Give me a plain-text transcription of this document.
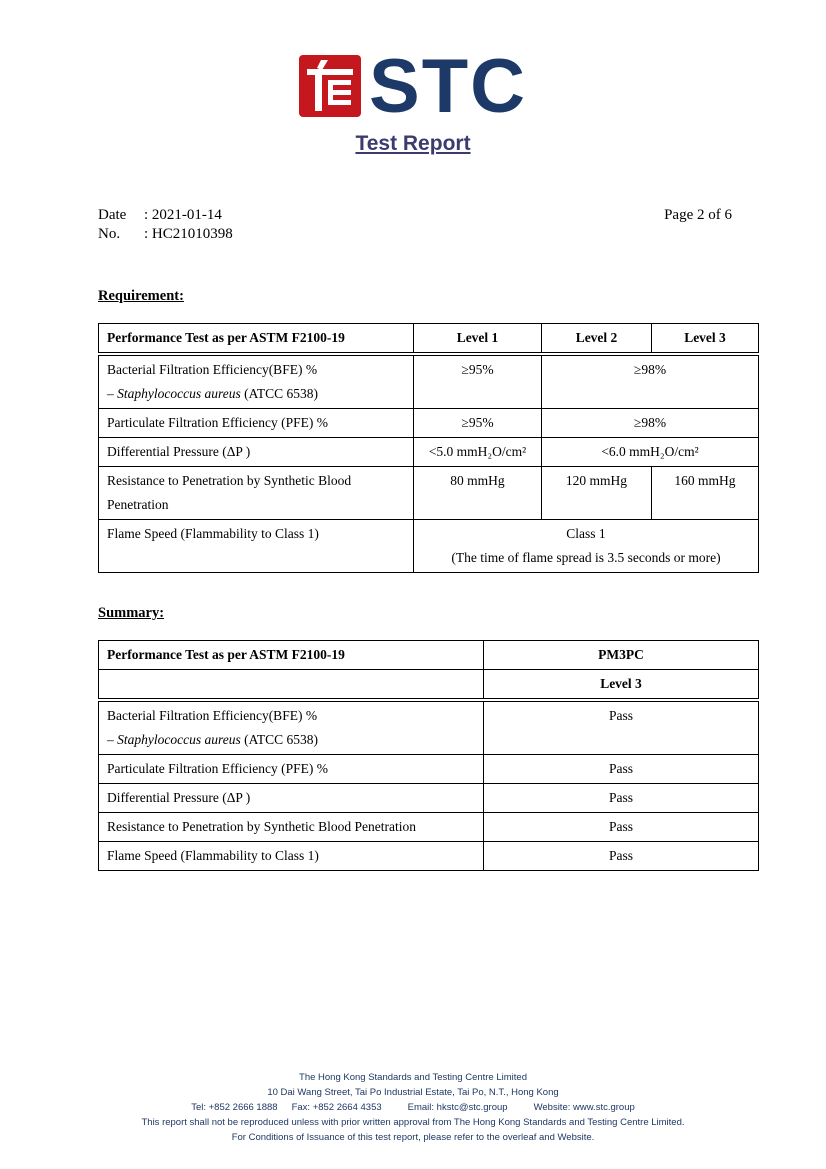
STC
Test Report
Date : 2021-01-14
No. : HC21010398
Page 2 of 6
Requirement:
Performance Test as per ASTM F2100-19	Level 1	Level 2	Level 3
Bacterial Filtration Efficiency(BFE) %
– Staphylococcus aureus (ATCC 6538)	≥95%	≥98%	
Particulate Filtration Efficiency (PFE) %	≥95%	≥98%	
Differential Pressure (ΔP )	<5.0 mmH₂O/cm²	<6.0 mmH₂O/cm²	
Resistance to Penetration by Synthetic Blood Penetration	80 mmHg	120 mmHg	160 mmHg
Flame Speed (Flammability to Class 1)	Class 1
(The time of flame spread is 3.5 seconds or more)		
Summary:
Performance Test as per ASTM F2100-19	PM3PC
	Level 3
Bacterial Filtration Efficiency(BFE) %
– Staphylococcus aureus (ATCC 6538)	Pass
Particulate Filtration Efficiency (PFE) %	Pass
Differential Pressure (ΔP )	Pass
Resistance to Penetration by Synthetic Blood Penetration	Pass
Flame Speed (Flammability to Class 1)	Pass
The Hong Kong Standards and Testing Centre Limited
10 Dai Wang Street, Tai Po Industrial Estate, Tai Po, N.T., Hong Kong
Tel: +852 2666 1888 Fax: +852 2664 4353	Email: hkstc@stc.group	Website: www.stc.group
This report shall not be reproduced unless with prior written approval from The Hong Kong Standards and Testing Centre Limited.
For Conditions of Issuance of this test report, please refer to the overleaf and Website.
